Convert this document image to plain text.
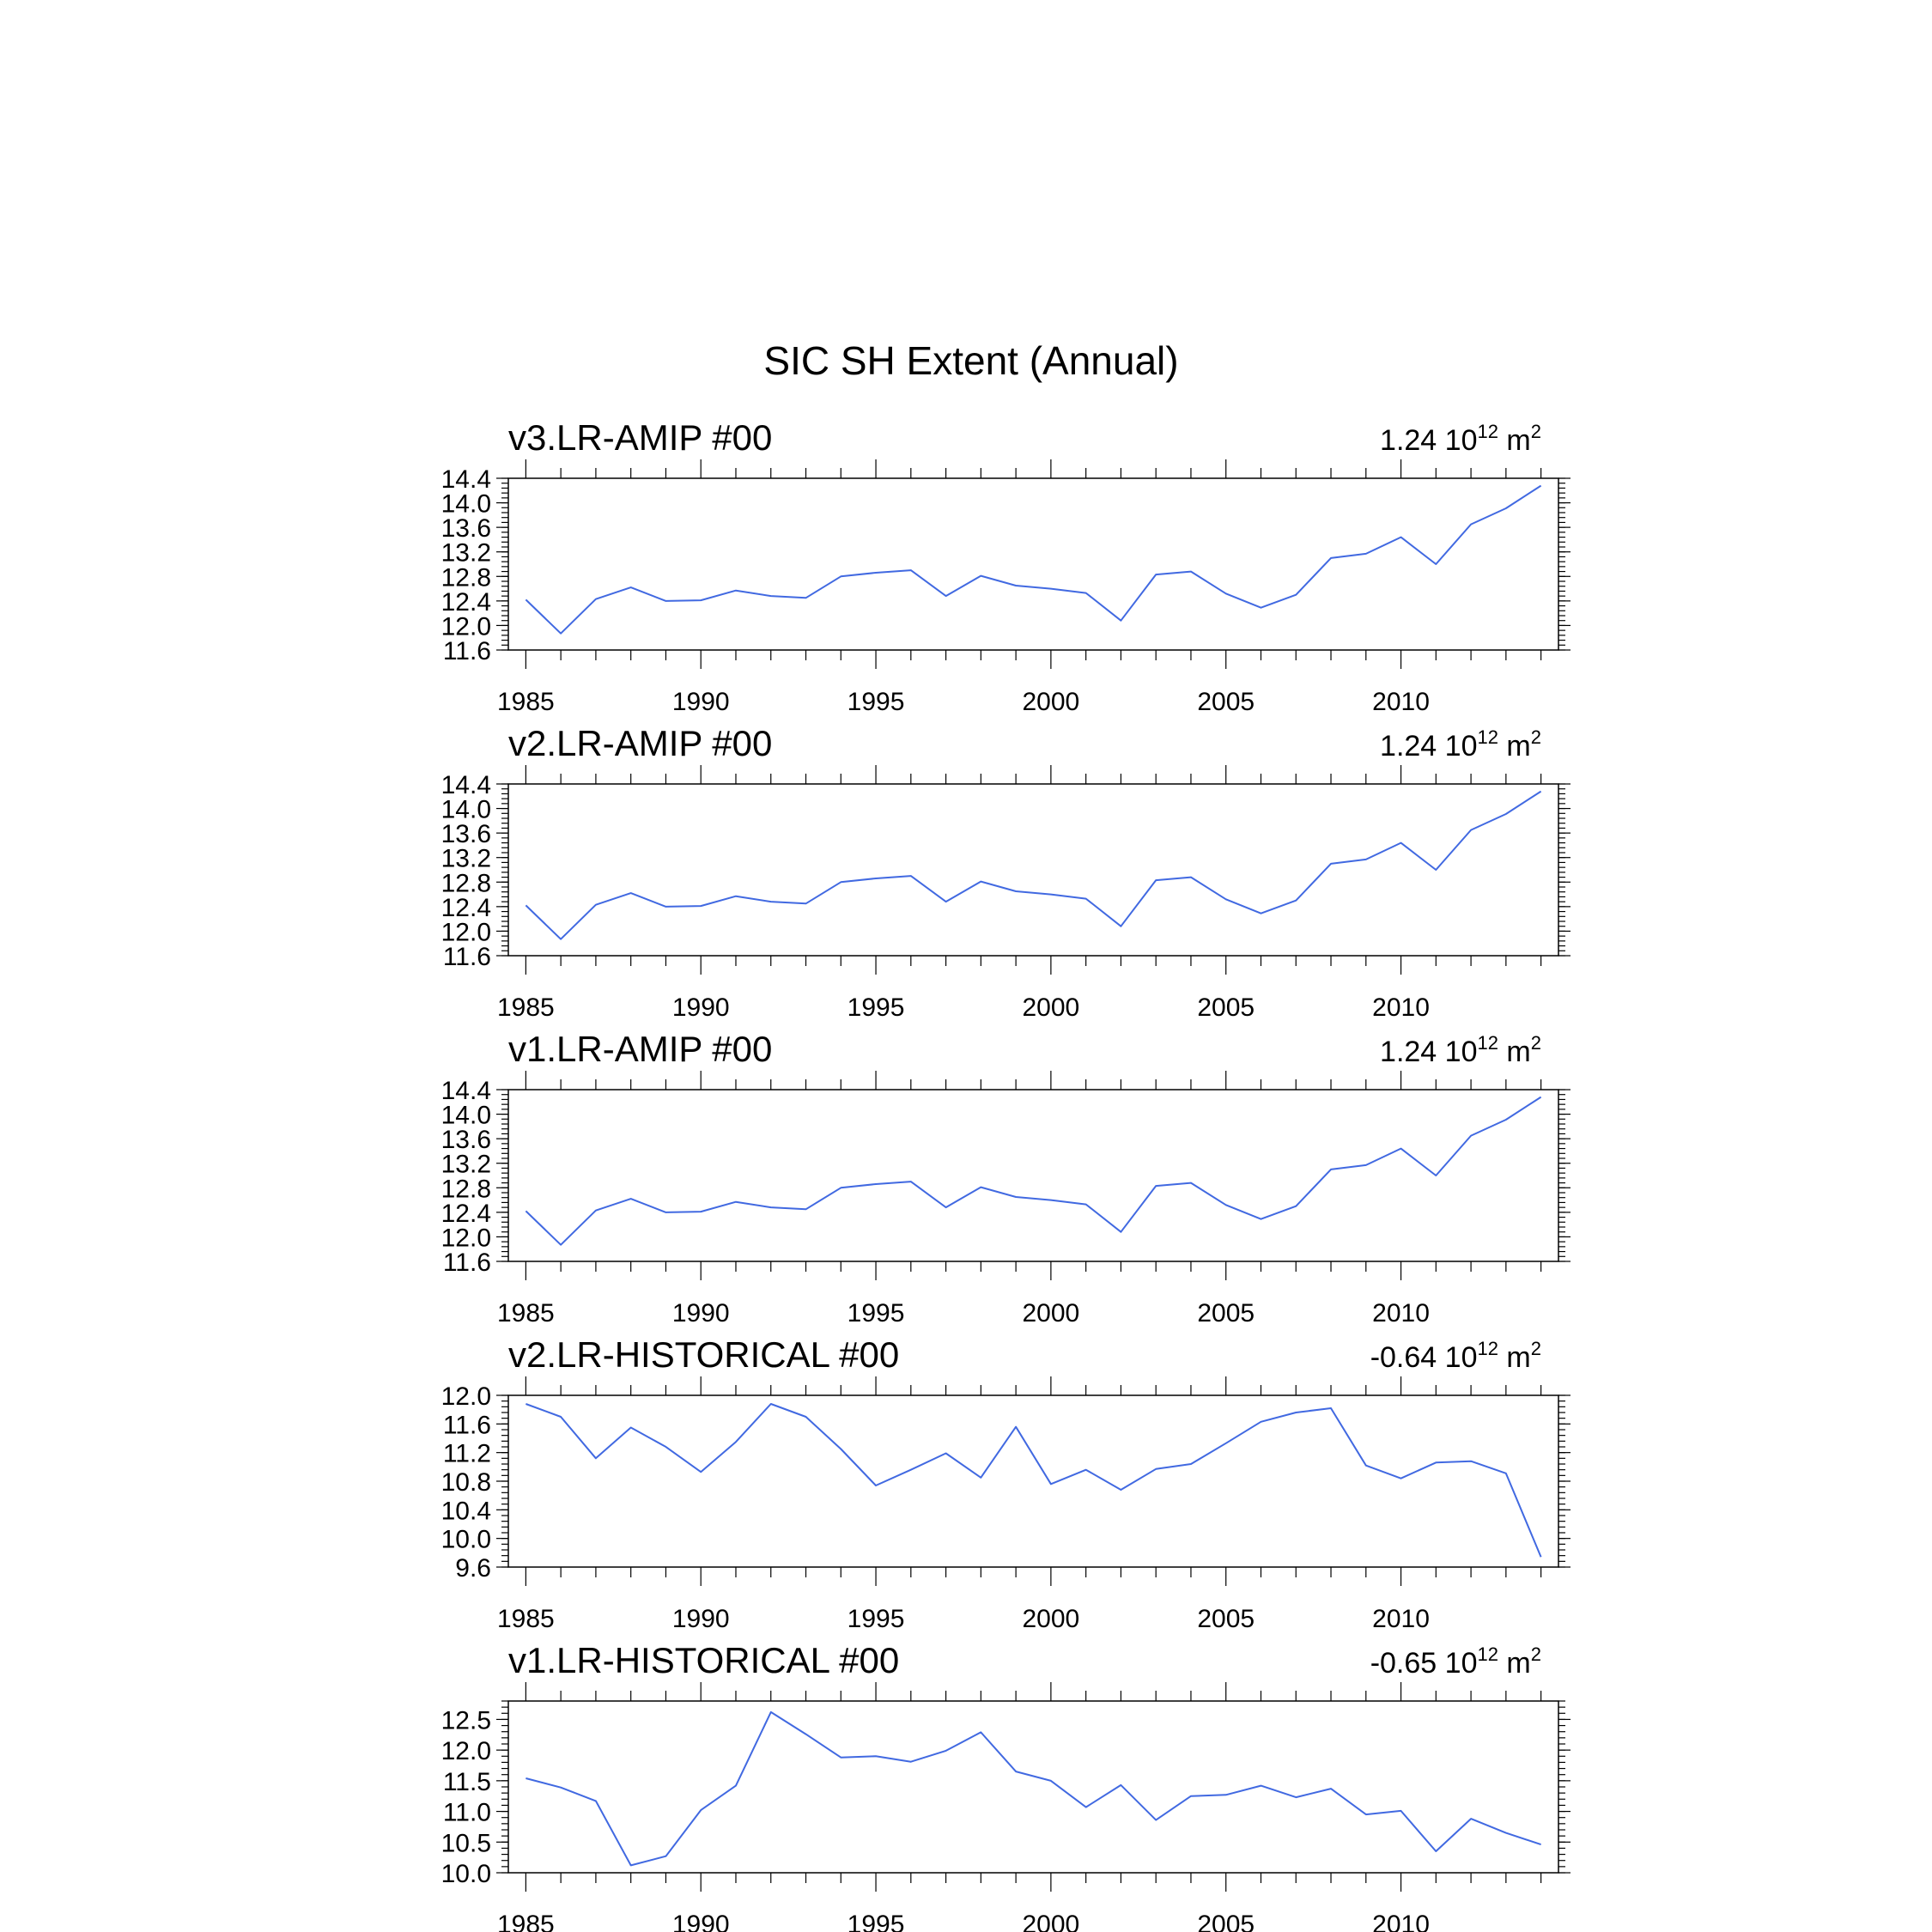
SIC SH Extent (Annual)
v3.LR-AMIP #00	1.24 $10^{12}$ $m^2$
14.4
14.0
13.6
13.2
12.8
12.4
12.0
11.6
1985	1990	1995	2000	2005	2010
v2.LR-AMIP #00	1.24 $10^{12}$ $m^2$
14.4
14.0
13.6
13.2
12.8
12.4
12.0
11.6
1985	1990	1995	2000	2005	2010
v1.LR-AMIP #00	1.24 $10^{12}$ $m^2$
14.4
14.0
13.6
13.2
12.8
12.4
12.0
11.6
1985	1990	1995	2000	2005	2010
v2.LR-HISTORICAL #00	-0.64 $10^{12}$ $m^2$
12.0
11.6
11.2
10.8
10.4
10.0
9.6
1985	1990	1995	2000	2005	2010
v1.LR-HISTORICAL #00	-0.65 $10^{12}$ $m^2$
12.5
12.0
11.5
11.0
10.5
10.0
1985	1990	1995	2000	2005	2010
